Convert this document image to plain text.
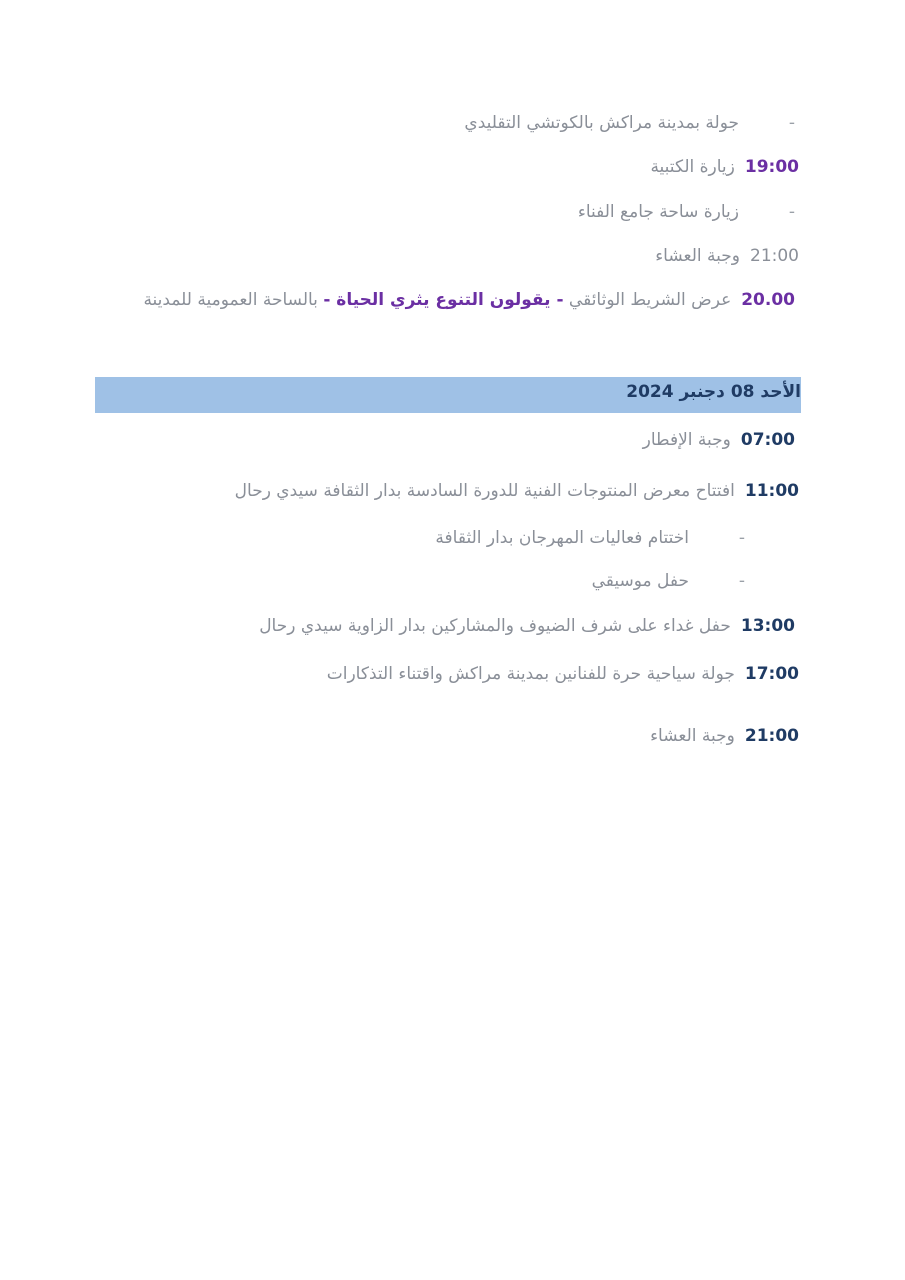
-جولة بمدينة مراكش بالكوتشي التقليدي
19:00زيارة الكتبية
-زيارة ساحة جامع الفناء
21:00وجبة العشاء
20.00عرض الشريط الوثائقي - يقولون التنوع يثري الحياة - بالساحة العمومية للمدينة
الأحد 08 دجنبر 2024
07:00وجبة الإفطار
11:00افتتاح معرض المنتوجات الفنية للدورة السادسة بدار الثقافة سيدي رحال
-اختتام فعاليات المهرجان بدار الثقافة
-حفل موسيقي
13:00حفل غداء على شرف الضيوف والمشاركين بدار الزاوية سيدي رحال
17:00جولة سياحية حرة للفنانين بمدينة مراكش واقتناء التذكارات
21:00وجبة العشاء
